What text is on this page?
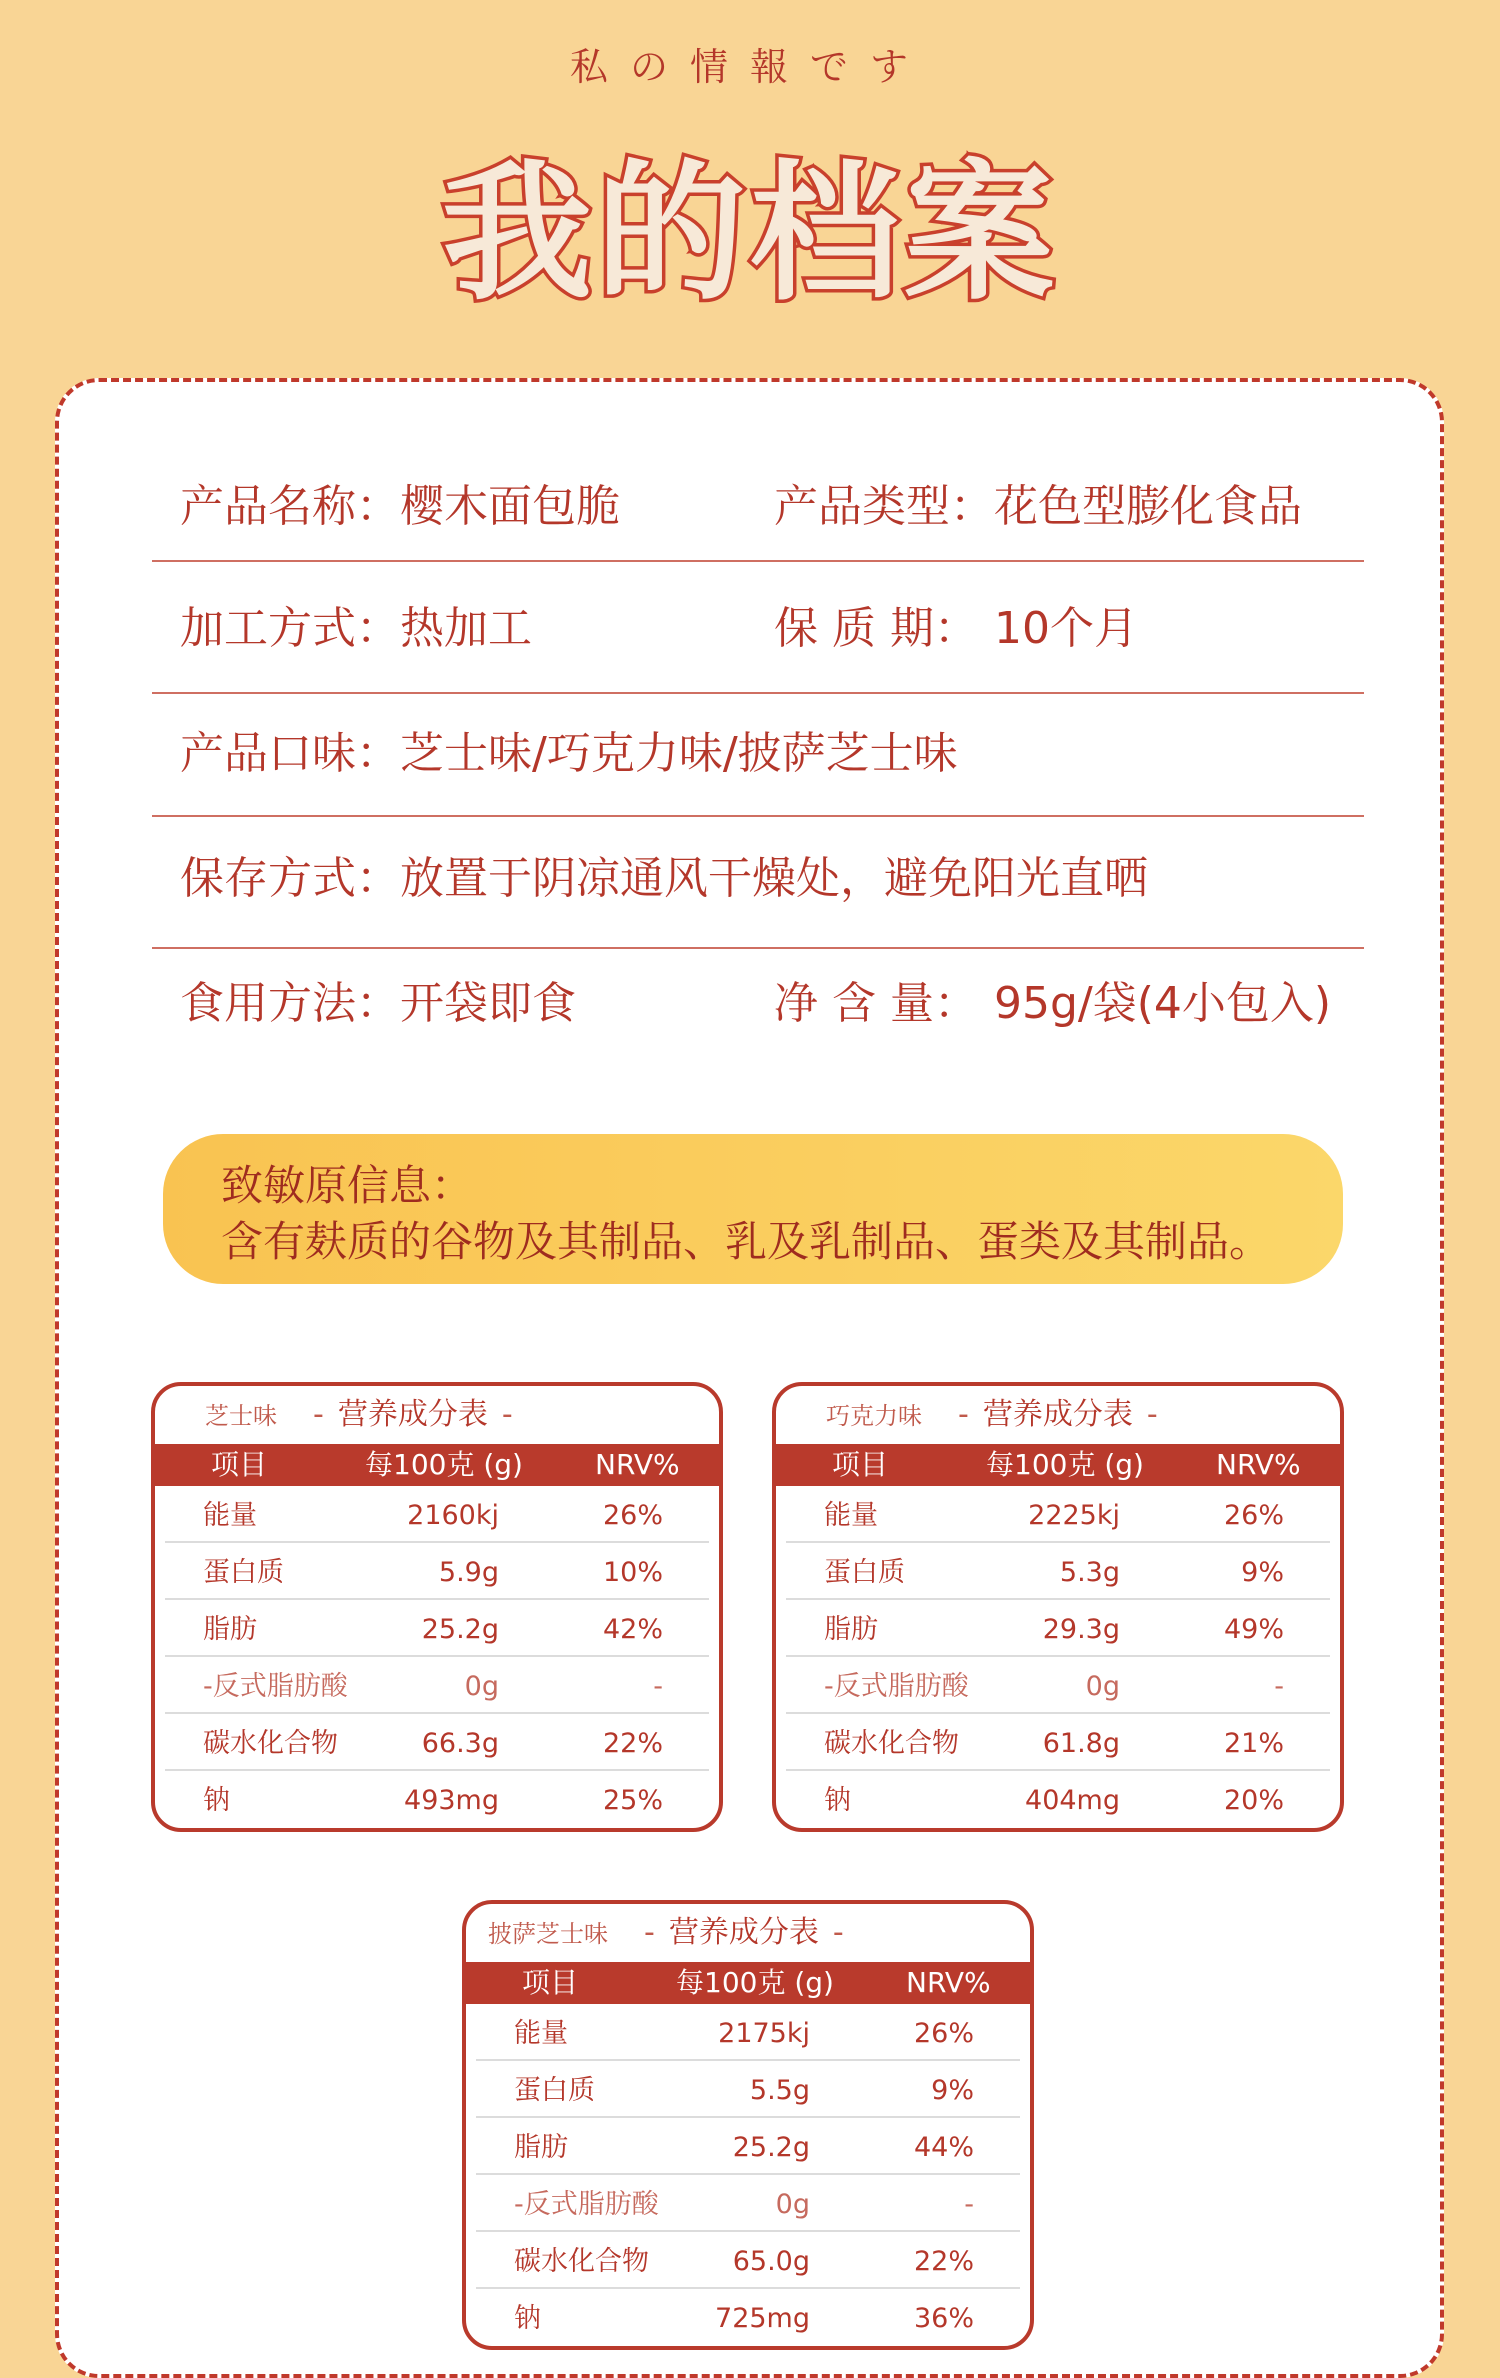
私の情報です
我的档案
产品名称： 樱木面包脆	产品类型： 花色型膨化食品
加工方式： 热加工	保 质 期： 10个月
产品口味： 芝士味/巧克力味/披萨芝士味
保存方式： 放置于阴凉通风干燥处，避免阳光直晒
食用方法： 开袋即食	净 含 量： 95g/袋(4小包入)
致敏原信息：
含有麸质的谷物及其制品、乳及乳制品、蛋类及其制品。
芝士味 - 营养成分表 -
项目	每100克 (g)	NRV%
能量	2160kj	26%
蛋白质	5.9g	10%
脂肪	25.2g	42%
-反式脂肪酸	0g	-
碳水化合物	66.3g	22%
钠	493mg	25%
巧克力味 - 营养成分表 -
项目	每100克 (g)	NRV%
能量	2225kj	26%
蛋白质	5.3g	9%
脂肪	29.3g	49%
-反式脂肪酸	0g	-
碳水化合物	61.8g	21%
钠	404mg	20%
披萨芝士味 - 营养成分表 -
项目	每100克 (g)	NRV%
能量	2175kj	26%
蛋白质	5.5g	9%
脂肪	25.2g	44%
-反式脂肪酸	0g	-
碳水化合物	65.0g	22%
钠	725mg	36%
